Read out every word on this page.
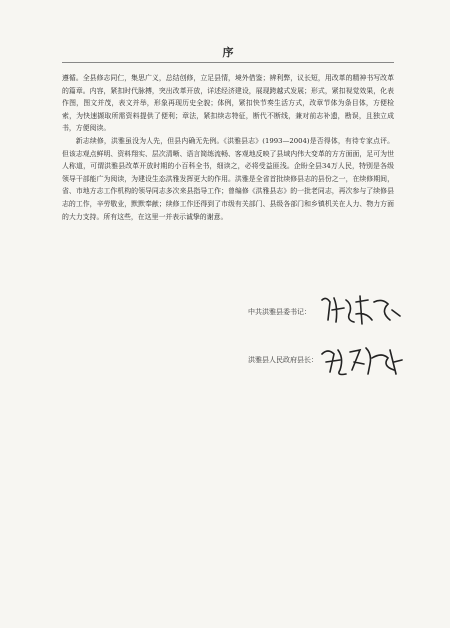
序

遵循。全县修志同仁，集思广义，总结创修，立足县情，境外借鉴；辨利弊，议长短，用改革的精神书写改革的篇章。内容，紧扣时代脉搏，突出改革开放，详述经济建设，展现跨越式发展；形式，紧扣视觉效果，化表作图，图文并茂，表文并举，形象再现历史全貌；体例，紧扣快节奏生活方式，改章节体为条目体，方便检索，为快速撷取所需资料提供了便利；章法，紧扣续志特征，断代不断线，兼对前志补遗，勘误，且独立成书，方便阅读。

新志续修，洪雅虽没为人先，但县内确无先例。《洪雅县志》(1993—2004)是否得体，有待专家点评。但该志观点鲜明、资料翔实、层次清晰、语言简练流畅、客观地反映了县域内伟大变革的方方面面，足可为世人称道，可谓洪雅县改革开放时期的小百科全书，细读之，必将受益匪浅。企盼全县34万人民，特别是各级领导干部能广为阅读，为建设生态洪雅发挥更大的作用。洪雅是全省首批续修县志的县份之一，在续修期间，省、市地方志工作机构的领导同志多次来县指导工作；曾编修《洪雅县志》的一批老同志，再次参与了续修县志的工作，辛劳敬业，默默奉献；续修工作还得到了市级有关部门、县级各部门和乡镇机关在人力、物力方面的大力支持。所有这些，在这里一并表示诚挚的谢意。

中共洪雅县委书记：
洪雅县人民政府县长：
